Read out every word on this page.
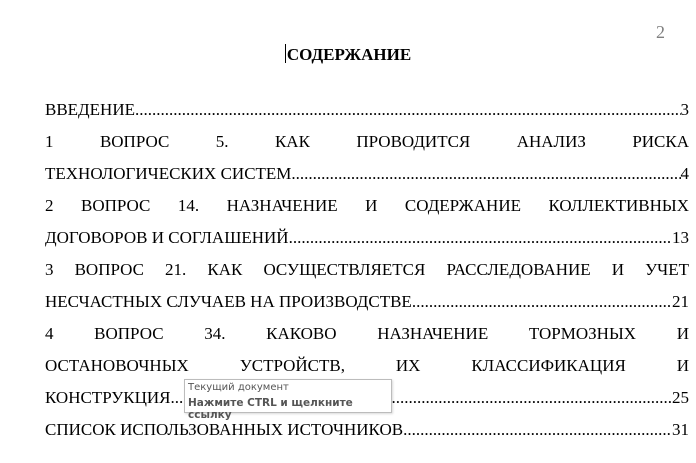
2
СОДЕРЖАНИЕ
ВВЕДЕНИЕ .....	3
1 ВОПРОС 5. КАК ПРОВОДИТСЯ АНАЛИЗ РИСКА
ТЕХНОЛОГИЧЕСКИХ СИСТЕМ .....	4
2 ВОПРОС 14. НАЗНАЧЕНИЕ И СОДЕРЖАНИЕ КОЛЛЕКТИВНЫХ
ДОГОВОРОВ И СОГЛАШЕНИЙ .....	13
3 ВОПРОС 21. КАК ОСУЩЕСТВЛЯЕТСЯ РАССЛЕДОВАНИЕ И УЧЕТ
НЕСЧАСТНЫХ СЛУЧАЕВ НА ПРОИЗВОДСТВЕ .....	21
4 ВОПРОС 34. КАКОВО НАЗНАЧЕНИЕ ТОРМОЗНЫХ И
ОСТАНОВОЧНЫХ УСТРОЙСТВ, ИХ КЛАССИФИКАЦИЯ И
КОНСТРУКЦИЯ .....	25
СПИСОК ИСПОЛЬЗОВАННЫХ ИСТОЧНИКОВ .....	31
Текущий документ
Нажмите CTRL и щелкните ссылку
